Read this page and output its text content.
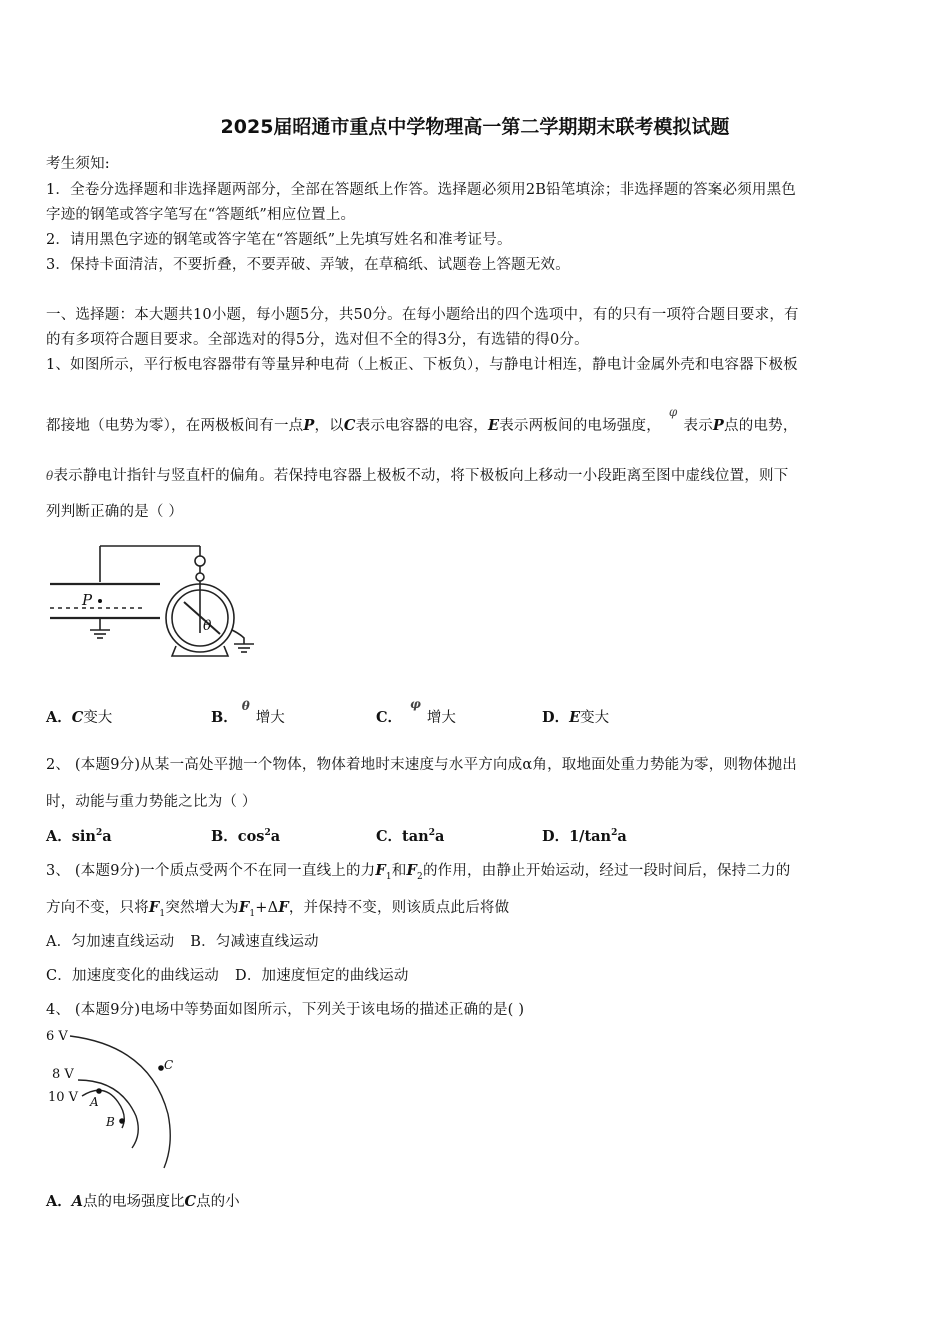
2025届昭通市重点中学物理高一第二学期期末联考模拟试题
考生须知:
1．全卷分选择题和非选择题两部分，全部在答题纸上作答。选择题必须用2B铅笔填涂；非选择题的答案必须用黑色
字迹的钢笔或答字笔写在“答题纸”相应位置上。
2．请用黑色字迹的钢笔或答字笔在“答题纸”上先填写姓名和准考证号。
3．保持卡面清洁，不要折叠，不要弄破、弄皱，在草稿纸、试题卷上答题无效。
一、选择题：本大题共10小题，每小题5分，共50分。在每小题给出的四个选项中，有的只有一项符合题目要求，有
的有多项符合题目要求。全部选对的得5分，选对但不全的得3分，有选错的得0分。
1、如图所示，平行板电容器带有等量异种电荷（上板正、下板负），与静电计相连，静电计金属外壳和电容器下极板
都接地（电势为零），在两极板间有一点P，以C表示电容器的电容，E表示两板间的电场强度，$^\varphi$表示P点的电势，
θ表示静电计指针与竖直杆的偏角。若保持电容器上极板不动，将下极板向上移动一小段距离至图中虚线位置，则下
列判断正确的是（ ）
P
θ
A．C变大	B．$^\theta$增大	C．$^\varphi$增大	D．E变大
2、 (本题9分)从某一高处平抛一个物体，物体着地时末速度与水平方向成α角，取地面处重力势能为零，则物体抛出
时，动能与重力势能之比为（ ）
A．$\sin^2a$	B．$\cos^2a$	C．$\tan^2a$	D．$1/\tan^2a$
3、 (本题9分)一个质点受两个不在同一直线上的力$F_1$和$F_2$的作用，由静止开始运动，经过一段时间后，保持二力的
方向不变，只将$F_1$突然增大为$F_1+\Delta F$，并保持不变，则该质点此后将做
A．匀加速直线运动 B．匀减速直线运动
C．加速度变化的曲线运动 D．加速度恒定的曲线运动
4、 (本题9分)电场中等势面如图所示，下列关于该电场的描述正确的是( )
6 V
8 V
10 V A
B
C
A．A点的电场强度比C点的小
